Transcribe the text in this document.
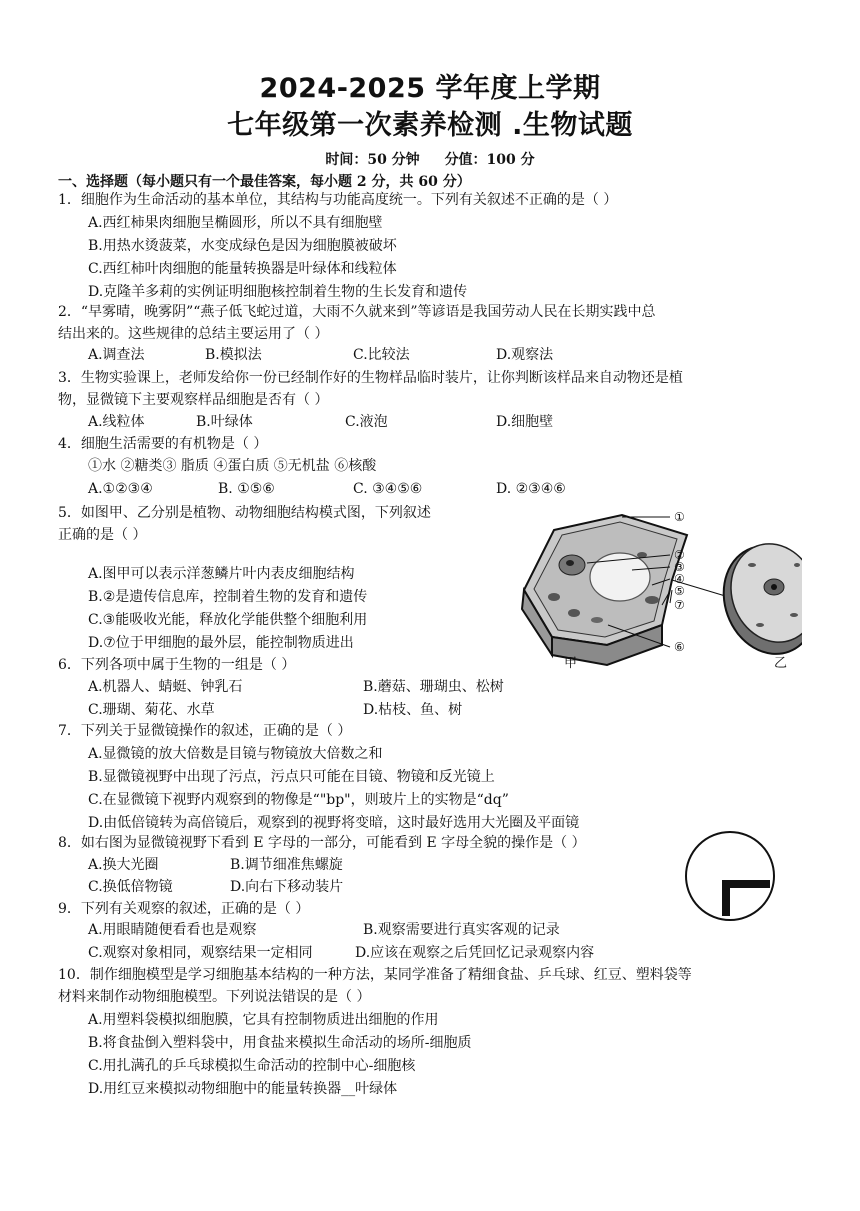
2024-2025 学年度上学期
七年级第一次素养检测 .生物试题
时间：50 分钟 分值：100 分
一、选择题（每小题只有一个最佳答案，每小题 2 分，共 60 分）
1．细胞作为生命活动的基本单位，其结构与功能高度统一。下列有关叙述不正确的是（ ）
A.西红柿果肉细胞呈椭圆形，所以不具有细胞壁
B.用热水烫菠菜，水变成绿色是因为细胞膜被破坏
C.西红柿叶肉细胞的能量转换器是叶绿体和线粒体
D.克隆羊多莉的实例证明细胞核控制着生物的生长发育和遗传
2．“早雾晴，晚雾阴”“燕子低飞蛇过道，大雨不久就来到”等谚语是我国劳动人民在长期实践中总
结出来的。这些规律的总结主要运用了（ ）
A.调查法	B.模拟法	C.比较法	D.观察法
3．生物实验课上，老师发给你一份已经制作好的生物样品临时装片，让你判断该样品来自动物还是植
物，显微镜下主要观察样品细胞是否有（ ）
A.线粒体	B.叶绿体	C.液泡	D.细胞壁
4．细胞生活需要的有机物是（ ）
①水 ②糖类③ 脂质 ④蛋白质 ⑤无机盐 ⑥核酸
A.①②③④	B. ①⑤⑥	C. ③④⑤⑥	D. ②③④⑥
5．如图甲、乙分别是植物、动物细胞结构模式图，下列叙述
正确的是（ ）
A.图甲可以表示洋葱鳞片叶内表皮细胞结构
B.②是遗传信息库，控制着生物的发育和遗传
C.③能吸收光能，释放化学能供整个细胞利用
D.⑦位于甲细胞的最外层，能控制物质进出
①
②
③
④
⑤
⑦
⑥
甲	乙
6．下列各项中属于生物的一组是（ ）
A.机器人、蜻蜓、钟乳石	B.蘑菇、珊瑚虫、松树
C.珊瑚、菊花、水草	D.枯枝、鱼、树
7．下列关于显微镜操作的叙述，正确的是（ ）
A.显微镜的放大倍数是目镜与物镜放大倍数之和
B.显微镜视野中出现了污点，污点只可能在目镜、物镜和反光镜上
C.在显微镜下视野内观察到的物像是“"bp"，则玻片上的实物是“dq”
D.由低倍镜转为高倍镜后，观察到的视野将变暗，这时最好选用大光圈及平面镜
8．如右图为显微镜视野下看到 E 字母的一部分，可能看到 E 字母全貌的操作是（ ）
A.换大光圈	B.调节细准焦螺旋
C.换低倍物镜	D.向右下移动装片
9．下列有关观察的叙述，正确的是（ ）
A.用眼睛随便看看也是观察	B.观察需要进行真实客观的记录
C.观察对象相同，观察结果一定相同	D.应该在观察之后凭回忆记录观察内容
10．制作细胞模型是学习细胞基本结构的一种方法，某同学准备了精细食盐、乒乓球、红豆、塑料袋等
材料来制作动物细胞模型。下列说法错误的是（ ）
A.用塑料袋模拟细胞膜，它具有控制物质进出细胞的作用
B.将食盐倒入塑料袋中，用食盐来模拟生命活动的场所-细胞质
C.用扎满孔的乒乓球模拟生命活动的控制中心-细胞核
D.用红豆来模拟动物细胞中的能量转换器__叶绿体
